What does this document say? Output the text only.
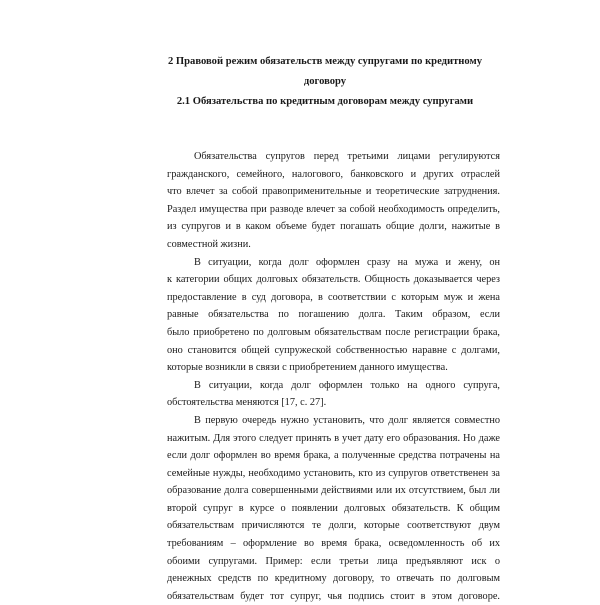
2 Правовой режим обязательств между супругами по кредитному
договору
2.1 Обязательства по кредитным договорам между супругами
Обязательства супругов перед третьими лицами регулируются
гражданского, семейного, налогового, банковского и других отраслей
что влечет за собой правоприменительные и теоретические затруднения.
Раздел имущества при разводе влечет за собой необходимость определить,
из супругов и в каком объеме будет погашать общие долги, нажитые в
совместной жизни.
В ситуации, когда долг оформлен сразу на мужа и жену, он
к категории общих долговых обязательств. Общность доказывается через
предоставление в суд договора, в соответствии с которым муж и жена
равные обязательства по погашению долга. Таким образом, если
было приобретено по долговым обязательствам после регистрации брака,
оно становится общей супружеской собственностью наравне с долгами,
которые возникли в связи с приобретением данного имущества.
В ситуации, когда долг оформлен только на одного супруга,
обстоятельства меняются [17, с. 27].
В первую очередь нужно установить, что долг является совместно
нажитым. Для этого следует принять в учет дату его образования. Но даже
если долг оформлен во время брака, а полученные средства потрачены на
семейные нужды, необходимо установить, кто из супругов ответственен за
образование долга совершенными действиями или их отсутствием, был ли
второй супруг в курсе о появлении долговых обязательств. К общим
обязательствам причисляются те долги, которые соответствуют двум
требованиям – оформление во время брака, осведомленность об их
обоими супругами. Пример: если третьи лица предъявляют иск о
денежных средств по кредитному договору, то отвечать по долговым
обязательствам будет тот супруг, чья подпись стоит в этом договоре.
